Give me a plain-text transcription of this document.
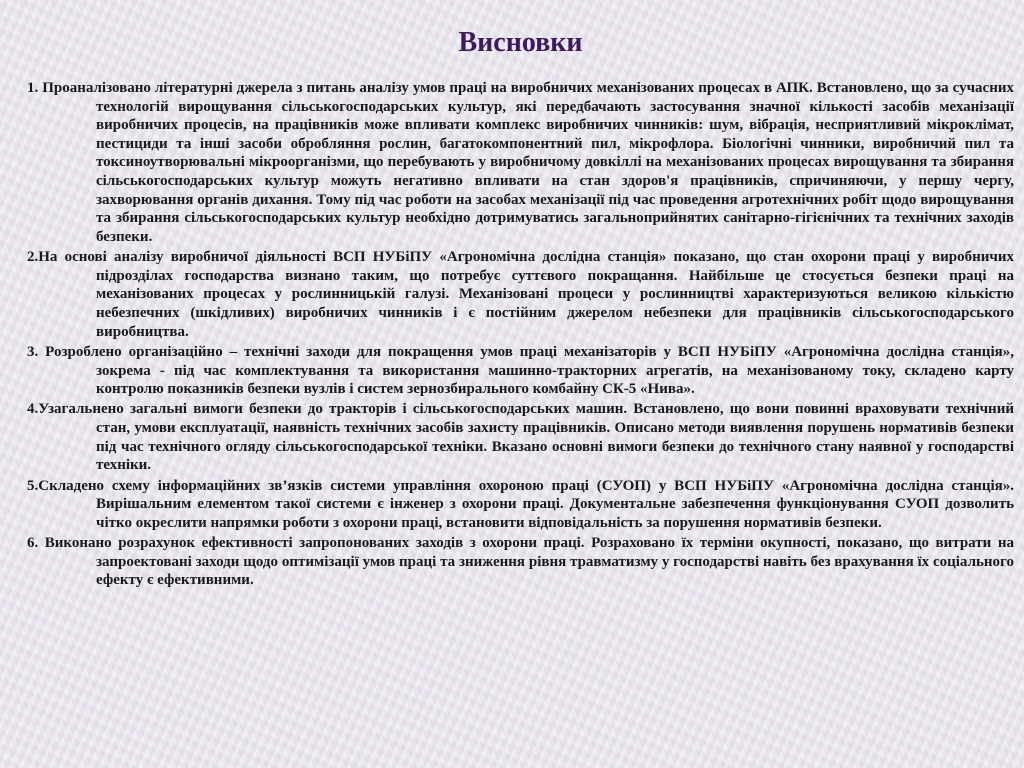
Висновки
1. Проаналізовано літературні джерела з питань аналізу умов праці на виробничих механізованих процесах в АПК. Встановлено, що за сучасних технологій вирощування сільськогосподарських культур, які передбачають застосування значної кількості засобів механізації виробничих процесів, на працівників може впливати комплекс виробничих чинників: шум, вібрація, несприятливий мікроклімат, пестициди та інші засоби обробляння рослин, багатокомпонентний пил, мікрофлора. Біологічні чинники, виробничий пил та токсиноутворювальні мікроорганізми, що перебувають у виробничому довкіллі на механізованих процесах вирощування та збирання сільськогосподарських культур можуть негативно впливати на стан здоров'я працівників, спричиняючи, у першу чергу, захворювання органів дихання. Тому під час роботи на засобах механізації під час проведення агротехнічних робіт щодо вирощування та збирання сільськогосподарських культур необхідно дотримуватись загальноприйнятих санітарно-гігієнічних та технічних заходів безпеки.
2.На основі аналізу виробничої діяльності ВСП НУБіПУ «Агрономічна дослідна станція» показано, що стан охорони праці у виробничих підрозділах господарства визнано таким, що потребує суттєвого покращання. Найбільше це стосується безпеки праці на механізованих процесах у рослинницькій галузі. Механізовані процеси у рослинництві характеризуються великою кількістю небезпечних (шкідливих) виробничих чинників і є постійним джерелом небезпеки для працівників сільськогосподарського виробництва.
3. Розроблено організаційно – технічні заходи для покращення умов праці механізаторів у ВСП НУБіПУ «Агрономічна дослідна станція», зокрема - під час комплектування та використання машинно-тракторних агрегатів, на механізованому току, складено карту контролю показників безпеки вузлів і систем зернозбирального комбайну СК-5 «Нива».
4.Узагальнено загальні вимоги безпеки до тракторів і сільськогосподарських машин. Встановлено, що вони повинні враховувати технічний стан, умови експлуатації, наявність технічних засобів захисту працівників. Описано методи виявлення порушень нормативів безпеки під час технічного огляду сільськогосподарської техніки. Вказано основні вимоги безпеки до технічного стану наявної у господарстві техніки.
5.Складено схему інформаційних зв’язків системи управління охороною праці (СУОП) у ВСП НУБіПУ «Агрономічна дослідна станція». Вирішальним елементом такої системи є інженер з охорони праці. Документальне забезпечення функціонування СУОП дозволить чітко окреслити напрямки роботи з охорони праці, встановити відповідальність за порушення нормативів безпеки.
6. Виконано розрахунок ефективності запропонованих заходів з охорони праці. Розраховано їх терміни окупності, показано, що витрати на запроектовані заходи щодо оптимізації умов праці та зниження рівня травматизму у господарстві навіть без врахування їх соціального ефекту є ефективними.
